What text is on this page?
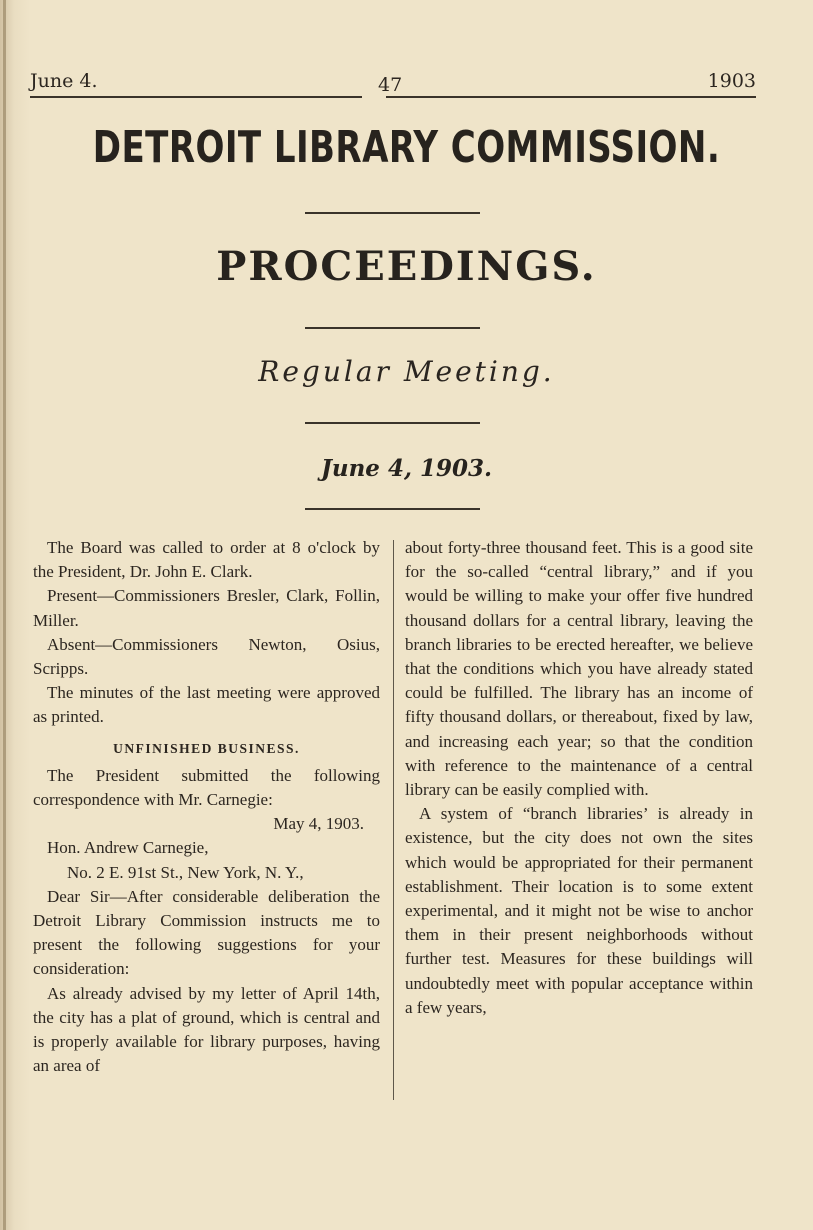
June 4.	47	1903
DETROIT LIBRARY COMMISSION.
PROCEEDINGS.
Regular Meeting.
June 4, 1903.

The Board was called to order at 8 o'clock by the President, Dr. John E. Clark.

Present—Commissioners Bresler, Clark, Follin, Miller.

Absent—Commissioners Newton, Osius, Scripps.

The minutes of the last meeting were approved as printed.

UNFINISHED BUSINESS.

The President submitted the following correspondence with Mr. Carnegie:

May 4, 1903.

Hon. Andrew Carnegie,

No. 2 E. 91st St., New York, N. Y.,

Dear Sir—After considerable deliberation the Detroit Library Commission instructs me to present the following suggestions for your consideration:

As already advised by my letter of April 14th, the city has a plat of ground, which is central and is properly available for library purposes, having an area of

about forty-three thousand feet. This is a good site for the so-called “central library,” and if you would be willing to make your offer five hundred thousand dollars for a central library, leaving the branch libraries to be erected hereafter, we believe that the conditions which you have already stated could be fulfilled. The library has an income of fifty thousand dollars, or thereabout, fixed by law, and increasing each year; so that the condition with reference to the maintenance of a central library can be easily complied with.

A system of “branch libraries’ is already in existence, but the city does not own the sites which would be appropriated for their permanent establishment. Their location is to some extent experimental, and it might not be wise to anchor them in their present neighborhoods without further test. Measures for these buildings will undoubtedly meet with popular acceptance within a few years,
